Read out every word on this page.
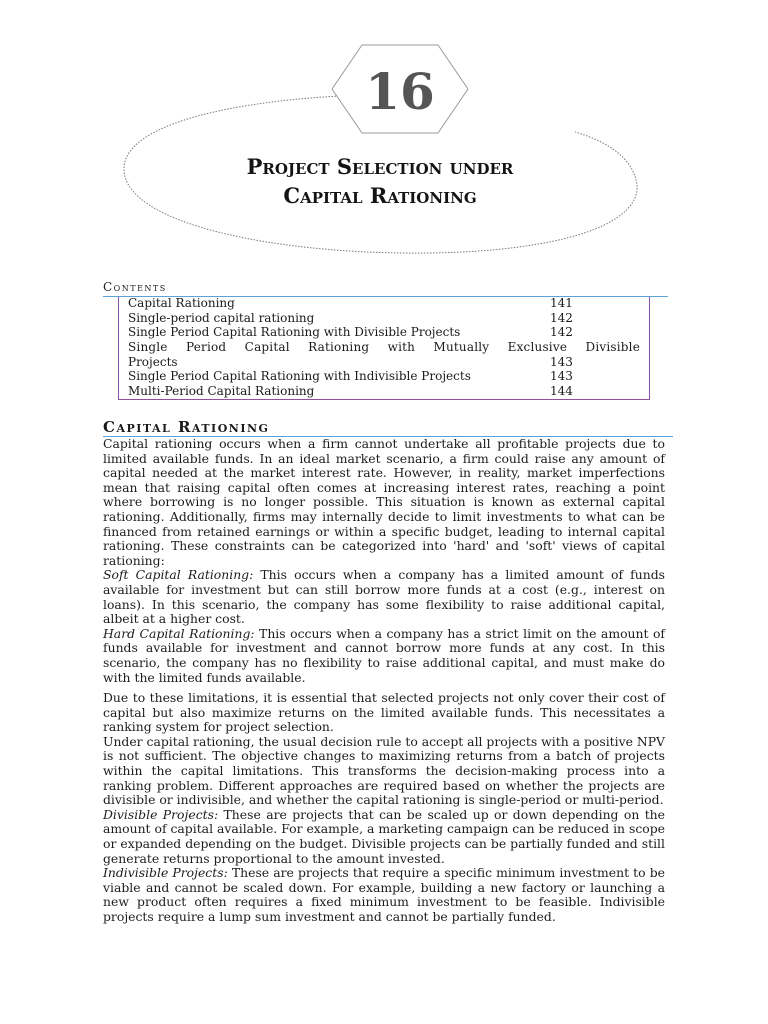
16
Project Selection under
Capital Rationing
Contents
Capital Rationing	141
Single-period capital rationing	142
Single Period Capital Rationing with Divisible Projects	142
Single Period Capital Rationing with Mutually Exclusive Divisible
Projects	143
Single Period Capital Rationing with Indivisible Projects	143
Multi-Period Capital Rationing	144
Capital Rationing

Capital rationing occurs when a firm cannot undertake all profitable projects due to limited available funds. In an ideal market scenario, a firm could raise any amount of capital needed at the market interest rate. However, in reality, market imperfections mean that raising capital often comes at increasing interest rates, reaching a point where borrowing is no longer possible. This situation is known as external capital rationing. Additionally, firms may internally decide to limit investments to what can be financed from retained earnings or within a specific budget, leading to internal capital rationing. These constraints can be categorized into 'hard' and 'soft' views of capital rationing:

Soft Capital Rationing: This occurs when a company has a limited amount of funds available for investment but can still borrow more funds at a cost (e.g., interest on loans). In this scenario, the company has some flexibility to raise additional capital, albeit at a higher cost.

Hard Capital Rationing: This occurs when a company has a strict limit on the amount of funds available for investment and cannot borrow more funds at any cost. In this scenario, the company has no flexibility to raise additional capital, and must make do with the limited funds available.

Due to these limitations, it is essential that selected projects not only cover their cost of capital but also maximize returns on the limited available funds. This necessitates a ranking system for project selection.

Under capital rationing, the usual decision rule to accept all projects with a positive NPV is not sufficient. The objective changes to maximizing returns from a batch of projects within the capital limitations. This transforms the decision-making process into a ranking problem. Different approaches are required based on whether the projects are divisible or indivisible, and whether the capital rationing is single-period or multi-period.

Divisible Projects: These are projects that can be scaled up or down depending on the amount of capital available. For example, a marketing campaign can be reduced in scope or expanded depending on the budget. Divisible projects can be partially funded and still generate returns proportional to the amount invested.

Indivisible Projects: These are projects that require a specific minimum investment to be viable and cannot be scaled down. For example, building a new factory or launching a new product often requires a fixed minimum investment to be feasible. Indivisible projects require a lump sum investment and cannot be partially funded.
